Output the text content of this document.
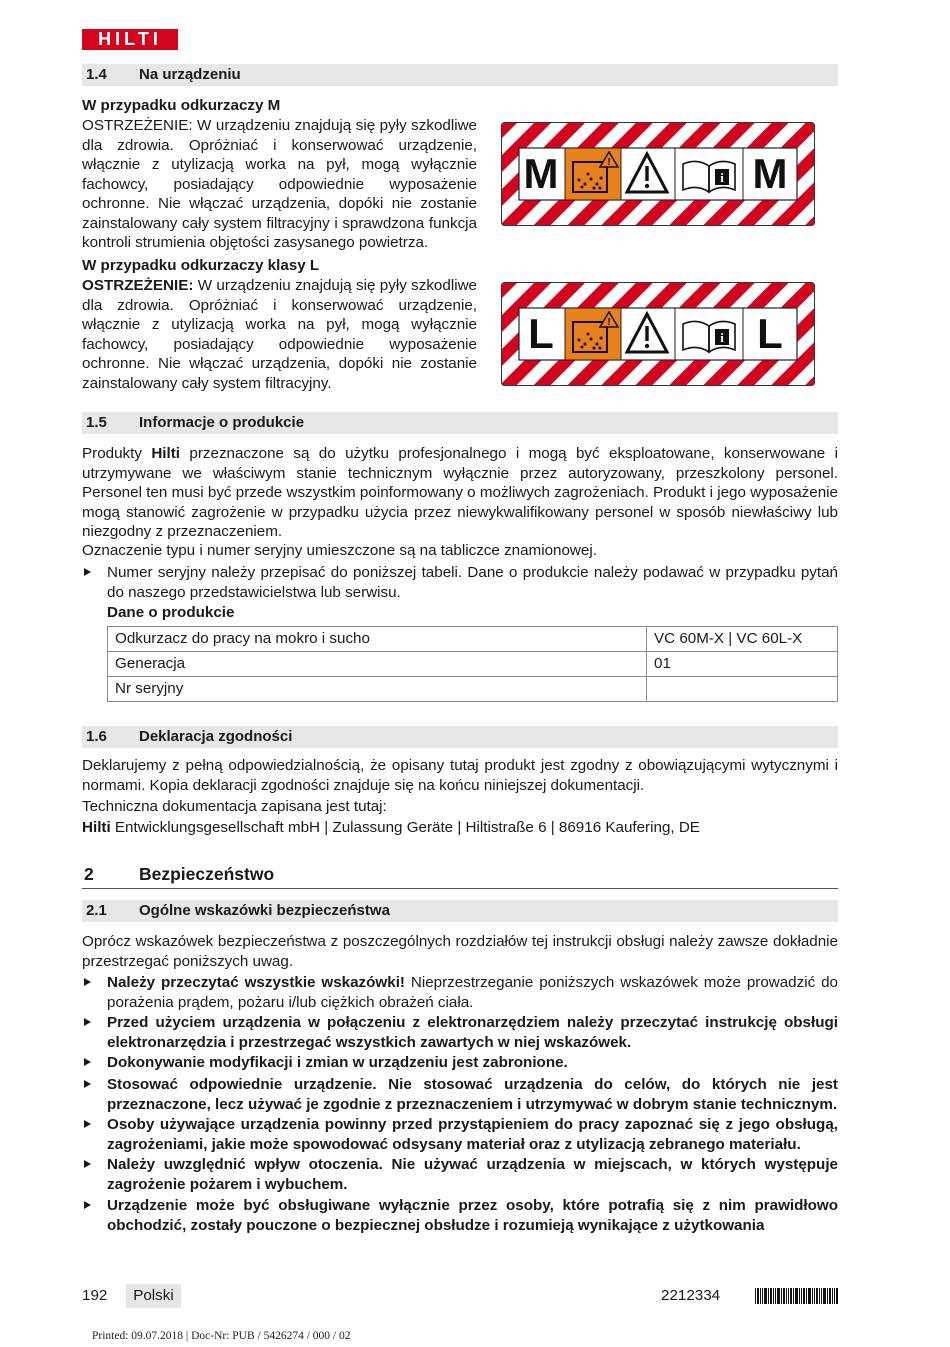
HILTI
1.4 Na urządzeniu
W przypadku odkurzaczy M
OSTRZEŻENIE: W urządzeniu znajdują się pyły szkodliwe dla zdrowia. Opróżniać i konserwować urządzenie, włącznie z utylizacją worka na pył, mogą wyłącznie fachowcy, posiadający odpowiednie wyposażenie ochronne. Nie włączać urządzenia, dopóki nie zostanie zainstalowany cały system filtracyjny i sprawdzona funkcja kontroli strumienia objętości zasysanego powietrza.
W przypadku odkurzaczy klasy L
OSTRZEŻENIE: W urządzeniu znajdują się pyły szkodliwe dla zdrowia. Opróżniać i konserwować urządzenie, włącznie z utylizacją worka na pył, mogą wyłącznie fachowcy, posiadający odpowiednie wyposażenie ochronne. Nie włączać urządzenia, dopóki nie zostanie zainstalowany cały system filtracyjny.
M	!
i M
L	!
i L
1.5 Informacje o produkcie
Produkty Hilti przeznaczone są do użytku profesjonalnego i mogą być eksploatowane, konserwowane i utrzymywane we właściwym stanie technicznym wyłącznie przez autoryzowany, przeszkolony personel. Personel ten musi być przede wszystkim poinformowany o możliwych zagrożeniach. Produkt i jego wyposażenie mogą stanowić zagrożenie w przypadku użycia przez niewykwalifikowany personel w sposób niewłaściwy lub niezgodny z przeznaczeniem.
Oznaczenie typu i numer seryjny umieszczone są na tabliczce znamionowej.
Numer seryjny należy przepisać do poniższej tabeli. Dane o produkcie należy podawać w przypadku pytań do naszego przedstawicielstwa lub serwisu.
Dane o produkcie
Odkurzacz do pracy na mokro i sucho	VC 60M-X | VC 60L-X
Generacja	01
Nr seryjny	
1.6 Deklaracja zgodności
Deklarujemy z pełną odpowiedzialnością, że opisany tutaj produkt jest zgodny z obowiązującymi wytycznymi i normami. Kopia deklaracji zgodności znajduje się na końcu niniejszej dokumentacji.
Techniczna dokumentacja zapisana jest tutaj:
Hilti Entwicklungsgesellschaft mbH | Zulassung Geräte | Hiltistraße 6 | 86916 Kaufering, DE
2	Bezpieczeństwo
2.1 Ogólne wskazówki bezpieczeństwa
Oprócz wskazówek bezpieczeństwa z poszczególnych rozdziałów tej instrukcji obsługi należy zawsze dokładnie przestrzegać poniższych uwag.
Należy przeczytać wszystkie wskazówki! Nieprzestrzeganie poniższych wskazówek może prowadzić do porażenia prądem, pożaru i/lub ciężkich obrażeń ciała.
Przed użyciem urządzenia w połączeniu z elektronarzędziem należy przeczytać instrukcję obsługi elektronarzędzia i przestrzegać wszystkich zawartych w niej wskazówek.
Dokonywanie modyfikacji i zmian w urządzeniu jest zabronione.
Stosować odpowiednie urządzenie. Nie stosować urządzenia do celów, do których nie jest przeznaczone, lecz używać je zgodnie z przeznaczeniem i utrzymywać w dobrym stanie technicznym.
Osoby używające urządzenia powinny przed przystąpieniem do pracy zapoznać się z jego obsługą, zagrożeniami, jakie może spowodować odsysany materiał oraz z utylizacją zebranego materiału.
Należy uwzględnić wpływ otoczenia. Nie używać urządzenia w miejscach, w których występuje zagrożenie pożarem i wybuchem.
Urządzenie może być obsługiwane wyłącznie przez osoby, które potrafią się z nim prawidłowo obchodzić, zostały pouczone o bezpiecznej obsłudze i rozumieją wynikające z użytkowania
192	Polski	2212334
Printed: 09.07.2018 | Doc-Nr: PUB / 5426274 / 000 / 02
